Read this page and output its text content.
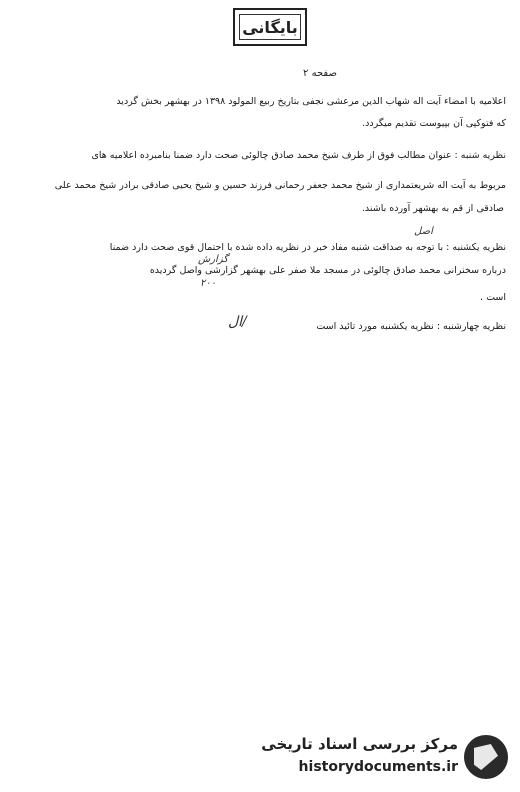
بایگانی
صفحه ۲
اعلامیه با امضاء آیت اله شهاب الدین مرعشی نجفی بتاریخ ربیع المولود ۱۳۹۸ در بهشهر بخش گردید
که فتوکپی آن بپیوست تقدیم میگردد.
نظریه شنبه : عنوان مطالب فوق از طرف شیخ محمد صادق چالوئی صحت دارد ضمنا بنامبرده اعلامیه های
مربوط به آیت اله شریعتمداری از شیخ محمد جعفر رحمانی فرزند حسین و شیخ یحیی صادقی برادر شیخ محمد علی
صادقی از قم به بهشهر آورده باشند.
نظریه یکشنبه : با توجه به صداقت شنبه مفاد خبر در نظریه داده شده با احتمال قوی صحت دارد ضمنا
درباره سخنرانی محمد صادق چالوئی در مسجد ملا صفر علی بهشهر گزارشی واصل گردیده
است .
نظریه چهارشنبه : نظریه یکشنبه مورد تائید است
اصل
گزارش
۲۰۰
/ال
مرکز بررسی اسناد تاریخی
historydocuments.ir
